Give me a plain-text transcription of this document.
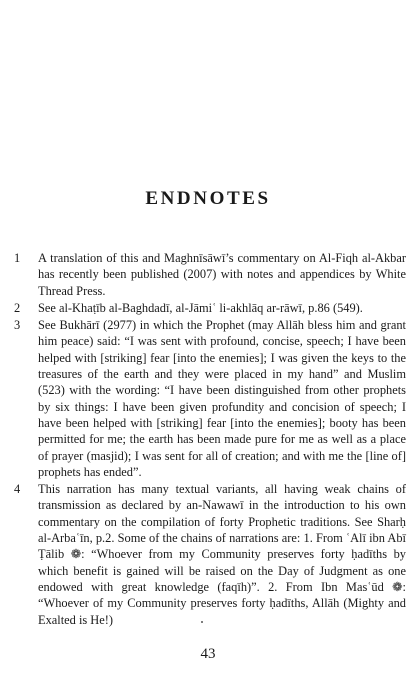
ENDNOTES
1	A translation of this and Maghnīsāwī’s commentary on Al-Fiqh al-Akbar has recently been published (2007) with notes and appendices by White Thread Press.
2	See al-Khaṭīb al-Baghdadī, al-Jāmiʿ li-akhlāq ar-rāwī, p.86 (549).
3	See Bukhārī (2977) in which the Prophet (may Allāh bless him and grant him peace) said: “I was sent with profound, concise, speech; I have been helped with [striking] fear [into the enemies]; I was given the keys to the treasures of the earth and they were placed in my hand” and Muslim (523) with the wording: “I have been distinguished from other prophets by six things: I have been given profundity and concision of speech; I have been helped with [striking] fear [into the enemies]; booty has been permitted for me; the earth has been made pure for me as well as a place of prayer (masjid); I was sent for all of creation; and with me the [line of] prophets has ended”.
4	This narration has many textual variants, all having weak chains of transmission as declared by an-Nawawī in the introduction to his own commentary on the compilation of forty Prophetic traditions. See Sharḥ al-Arbaʿīn, p.2. Some of the chains of narrations are: 1. From ʿAlī ibn Abī Ṭālib ❁: “Whoever from my Community preserves forty ḥadīths by which benefit is gained will be raised on the Day of Judgment as one endowed with great knowledge (faqīh)”. 2. From Ibn Masʿūd ❁: “Whoever of my Community preserves forty ḥadīths, Allāh (Mighty and Exalted is He!)
43
